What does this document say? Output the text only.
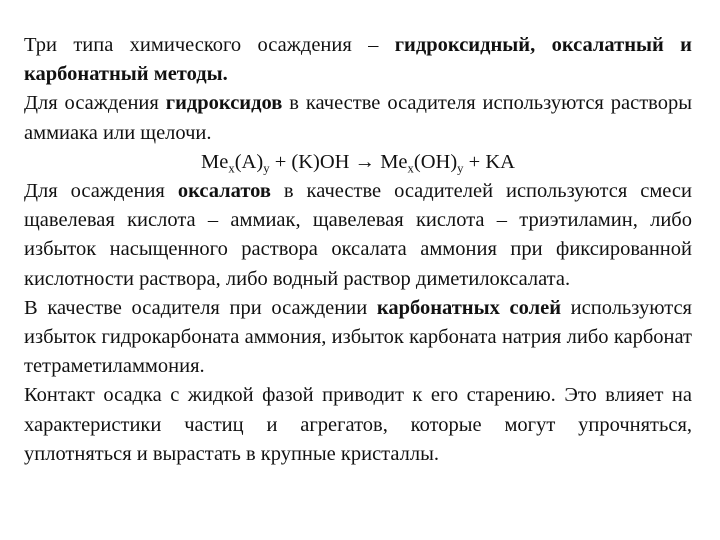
Три типа химического осаждения – гидроксидный, оксалатный и карбонатный методы.

Для осаждения гидроксидов в качестве осадителя используются растворы аммиака или щелочи.

$Me_x(A)_y + (K)OH \to Me_x(OH)_y$ + KA

Для осаждения оксалатов в качестве осадителей используются смеси щавелевая кислота – аммиак, щавелевая кислота – триэтиламин, либо избыток насыщенного раствора оксалата аммония при фиксированной кислотности раствора, либо водный раствор диметилоксалата.

В качестве осадителя при осаждении карбонатных солей используются избыток гидрокарбоната аммония, избыток карбоната натрия либо карбонат тетраметиламмония.

Контакт осадка с жидкой фазой приводит к его старению. Это влияет на характеристики частиц и агрегатов, которые могут упрочняться, уплотняться и вырастать в крупные кристаллы.
